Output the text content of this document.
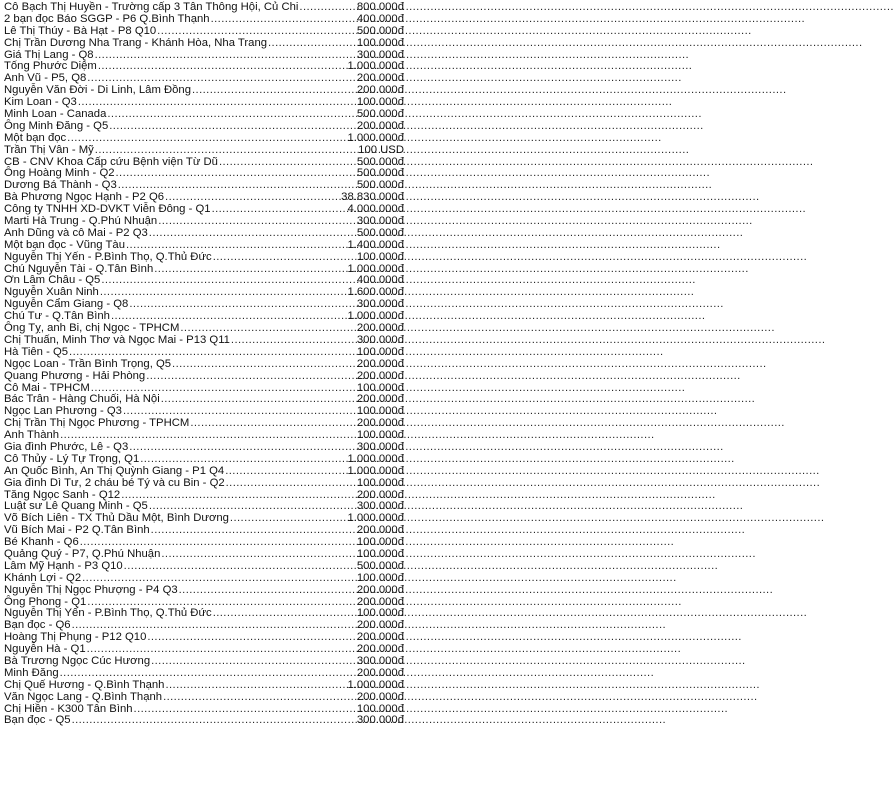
Cô Bạch Thị Huyền - Trường cấp 3 Tân Thông Hội, Củ Chi .....	800.000đ
2 bạn đọc Báo SGGP - P6 Q.Bình Thạnh .....	400.000đ
Lê Thị Thúy - Bà Hạt - P8 Q10 .....	500.000đ
Chị Trần Dương Nha Trang - Khánh Hòa, Nha Trang .....	100.000đ
Giá Thị Lang - Q8 .....	300.000đ
Tống Phước Diệm .....	1.000.000đ
Anh Vũ - P5, Q8 .....	200.000đ
Nguyễn Văn Đời - Di Linh, Lâm Đồng .....	200.000đ
Kim Loan - Q3 .....	100.000đ
Minh Loan - Canada .....	500.000đ
Ông Minh Đăng - Q5 .....	200.000đ
Một bạn đọc .....	1.000.000đ
Trần Thị Vân - Mỹ .....	100 USD
CB - CNV Khoa Cấp cứu Bệnh viện Từ Dũ .....	500.000đ
Ông Hoàng Minh - Q2 .....	500.000đ
Dương Bá Thành - Q3 .....	500.000đ
Bà Phương Ngọc Hạnh - P2 Q6 .....	38.830.000đ
Công ty TNHH XD-DVKT Viễn Đông - Q1 .....	4.000.000đ
Marti Hà Trung - Q.Phú Nhuận .....	300.000đ
Anh Dũng và cô Mai - P2 Q3 .....	500.000đ
Một bạn đọc - Vũng Tàu .....	1.400.000đ
Nguyễn Thị Yến - P.Bình Thọ, Q.Thủ Đức .....	100.000đ
Chú Nguyễn Tài - Q.Tân Bình .....	1.000.000đ
Ơn Lâm Châu - Q5 .....	400.000đ
Nguyễn Xuân Ninh .....	1.600.000đ
Nguyễn Cẩm Giang - Q8 .....	300.000đ
Chú Tư - Q.Tân Bình .....	1.000.000đ
Ông Tỵ, anh Bi, chị Ngọc - TPHCM .....	200.000đ
Chị Thuấn, Minh Thơ và Ngọc Mai - P13 Q11 .....	300.000đ
Hà Tiên - Q5 .....	100.000đ
Ngọc Loan - Trần Bình Trọng, Q5 .....	200.000đ
Quang Phương - Hải Phòng .....	200.000đ
Cô Mai - TPHCM .....	100.000đ
Bác Trân - Hàng Chuối, Hà Nội .....	200.000đ
Ngọc Lan Phương - Q3 .....	100.000đ
Chị Trần Thị Ngọc Phương - TPHCM .....	200.000đ
Anh Thành .....	100.000đ
Gia đình Phước, Lê - Q3 .....	300.000đ
Cô Thủy - Lý Tự Trọng, Q1 .....	1.000.000đ
An Quốc Bình, An Thị Quỳnh Giang - P1 Q4 .....	1.000.000đ
Gia đình Dì Tư, 2 cháu bé Tý và cu Bin - Q2 .....	100.000đ
Tăng Ngọc Sanh - Q12 .....	200.000đ
Luật sư Lê Quang Minh - Q5 .....	300.000đ
Võ Bích Liên - TX Thủ Dầu Một, Bình Dương .....	1.000.000đ
Vũ Bích Mai - P2 Q.Tân Bình .....	200.000đ
Bé Khanh - Q6 .....	100.000đ
Quảng Quý - P7, Q.Phú Nhuận .....	100.000đ
Lâm Mỹ Hạnh - P3 Q10 .....	500.000đ
Khánh Lợi - Q2 .....	100.000đ
Nguyễn Thị Ngọc Phượng - P4 Q3 .....	200.000đ
Ông Phong - Q1 .....	200.000đ
Nguyễn Thị Yến - P.Bình Thọ, Q.Thủ Đức .....	100.000đ
Bạn đọc - Q6 .....	200.000đ
Hoàng Thị Phụng - P12 Q10 .....	200.000đ
Nguyễn Hà - Q1 .....	200.000đ
Bà Trương Ngọc Cúc Hương .....	300.000đ
Minh Đăng .....	200.000đ
Chị Quế Hương - Q.Bình Thạnh .....	1.000.000đ
Văn Ngọc Lang - Q.Bình Thạnh .....	200.000đ
Chị Hiền - K300 Tân Bình .....	100.000đ
Bạn đọc - Q5 .....	300.000đ
